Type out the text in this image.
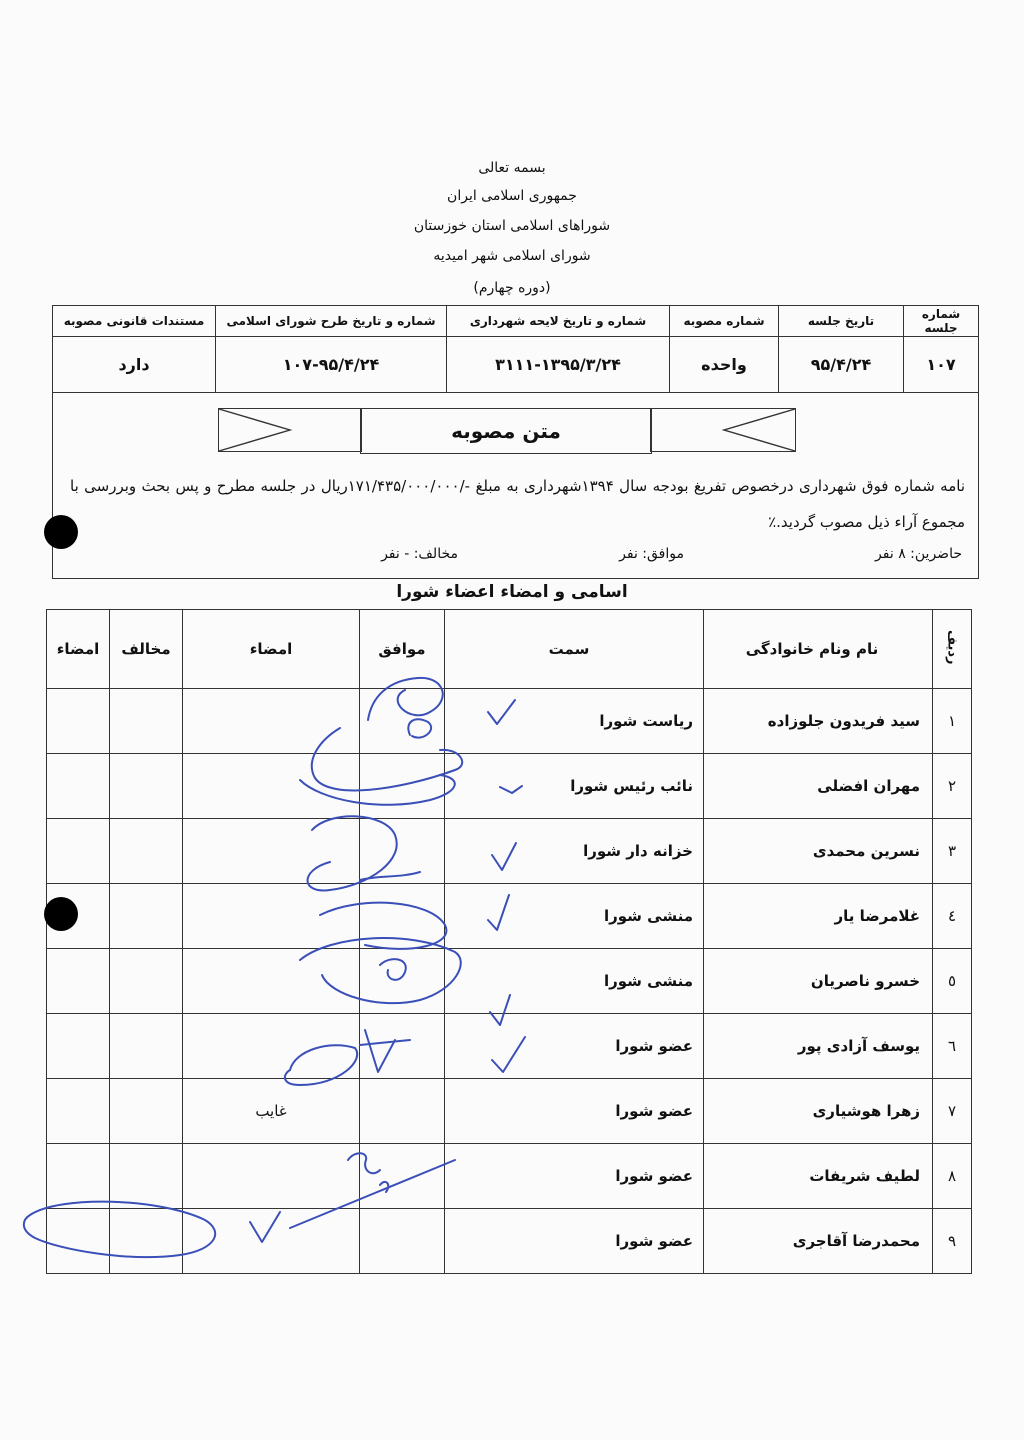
بسمه تعالی
جمهوری اسلامی ایران
شوراهای اسلامی استان خوزستان
شورای اسلامی شهر امیدیه
(دوره چهارم)
شماره جلسه	تاریخ جلسه	شماره مصوبه	شماره و تاریخ لایحه شهرداری	شماره و تاریخ طرح شورای اسلامی	مستندات قانونی مصوبه
۱۰۷	۹۵/۴/۲۴	واحده	۳۱۱۱-۱۳۹۵/۳/۲۴	۱۰۷-۹۵/۴/۲۴	دارد
متن مصوبه
نامه شماره فوق شهرداری درخصوص تفریغ بودجه سال ۱۳۹۴شهرداری به مبلغ -/۱۷۱/۴۳۵/۰۰۰/۰۰۰ریال در جلسه مطرح و پس بحث وبررسی با مجموع آراء ذیل مصوب گردید.٪
حاضرین: ۸ نفر
موافق: نفر
مخالف: - نفر
اسامی و امضاء اعضاء شورا
ردیف	نام ونام خانوادگی	سمت	موافق	امضاء	مخالف	امضاء
۱	سید فریدون جلوزاده	ریاست شورا				
۲	مهران افضلی	نائب رئیس شورا				
۳	نسرین محمدی	خزانه دار شورا				
٤	غلامرضا یار	منشی شورا				
٥	خسرو ناصریان	منشی شورا				
٦	یوسف آزادی پور	عضو شورا				
٧	زهرا هوشیاری	عضو شورا		غایب		
٨	لطیف شریفات	عضو شورا				
٩	محمدرضا آقاجری	عضو شورا				
